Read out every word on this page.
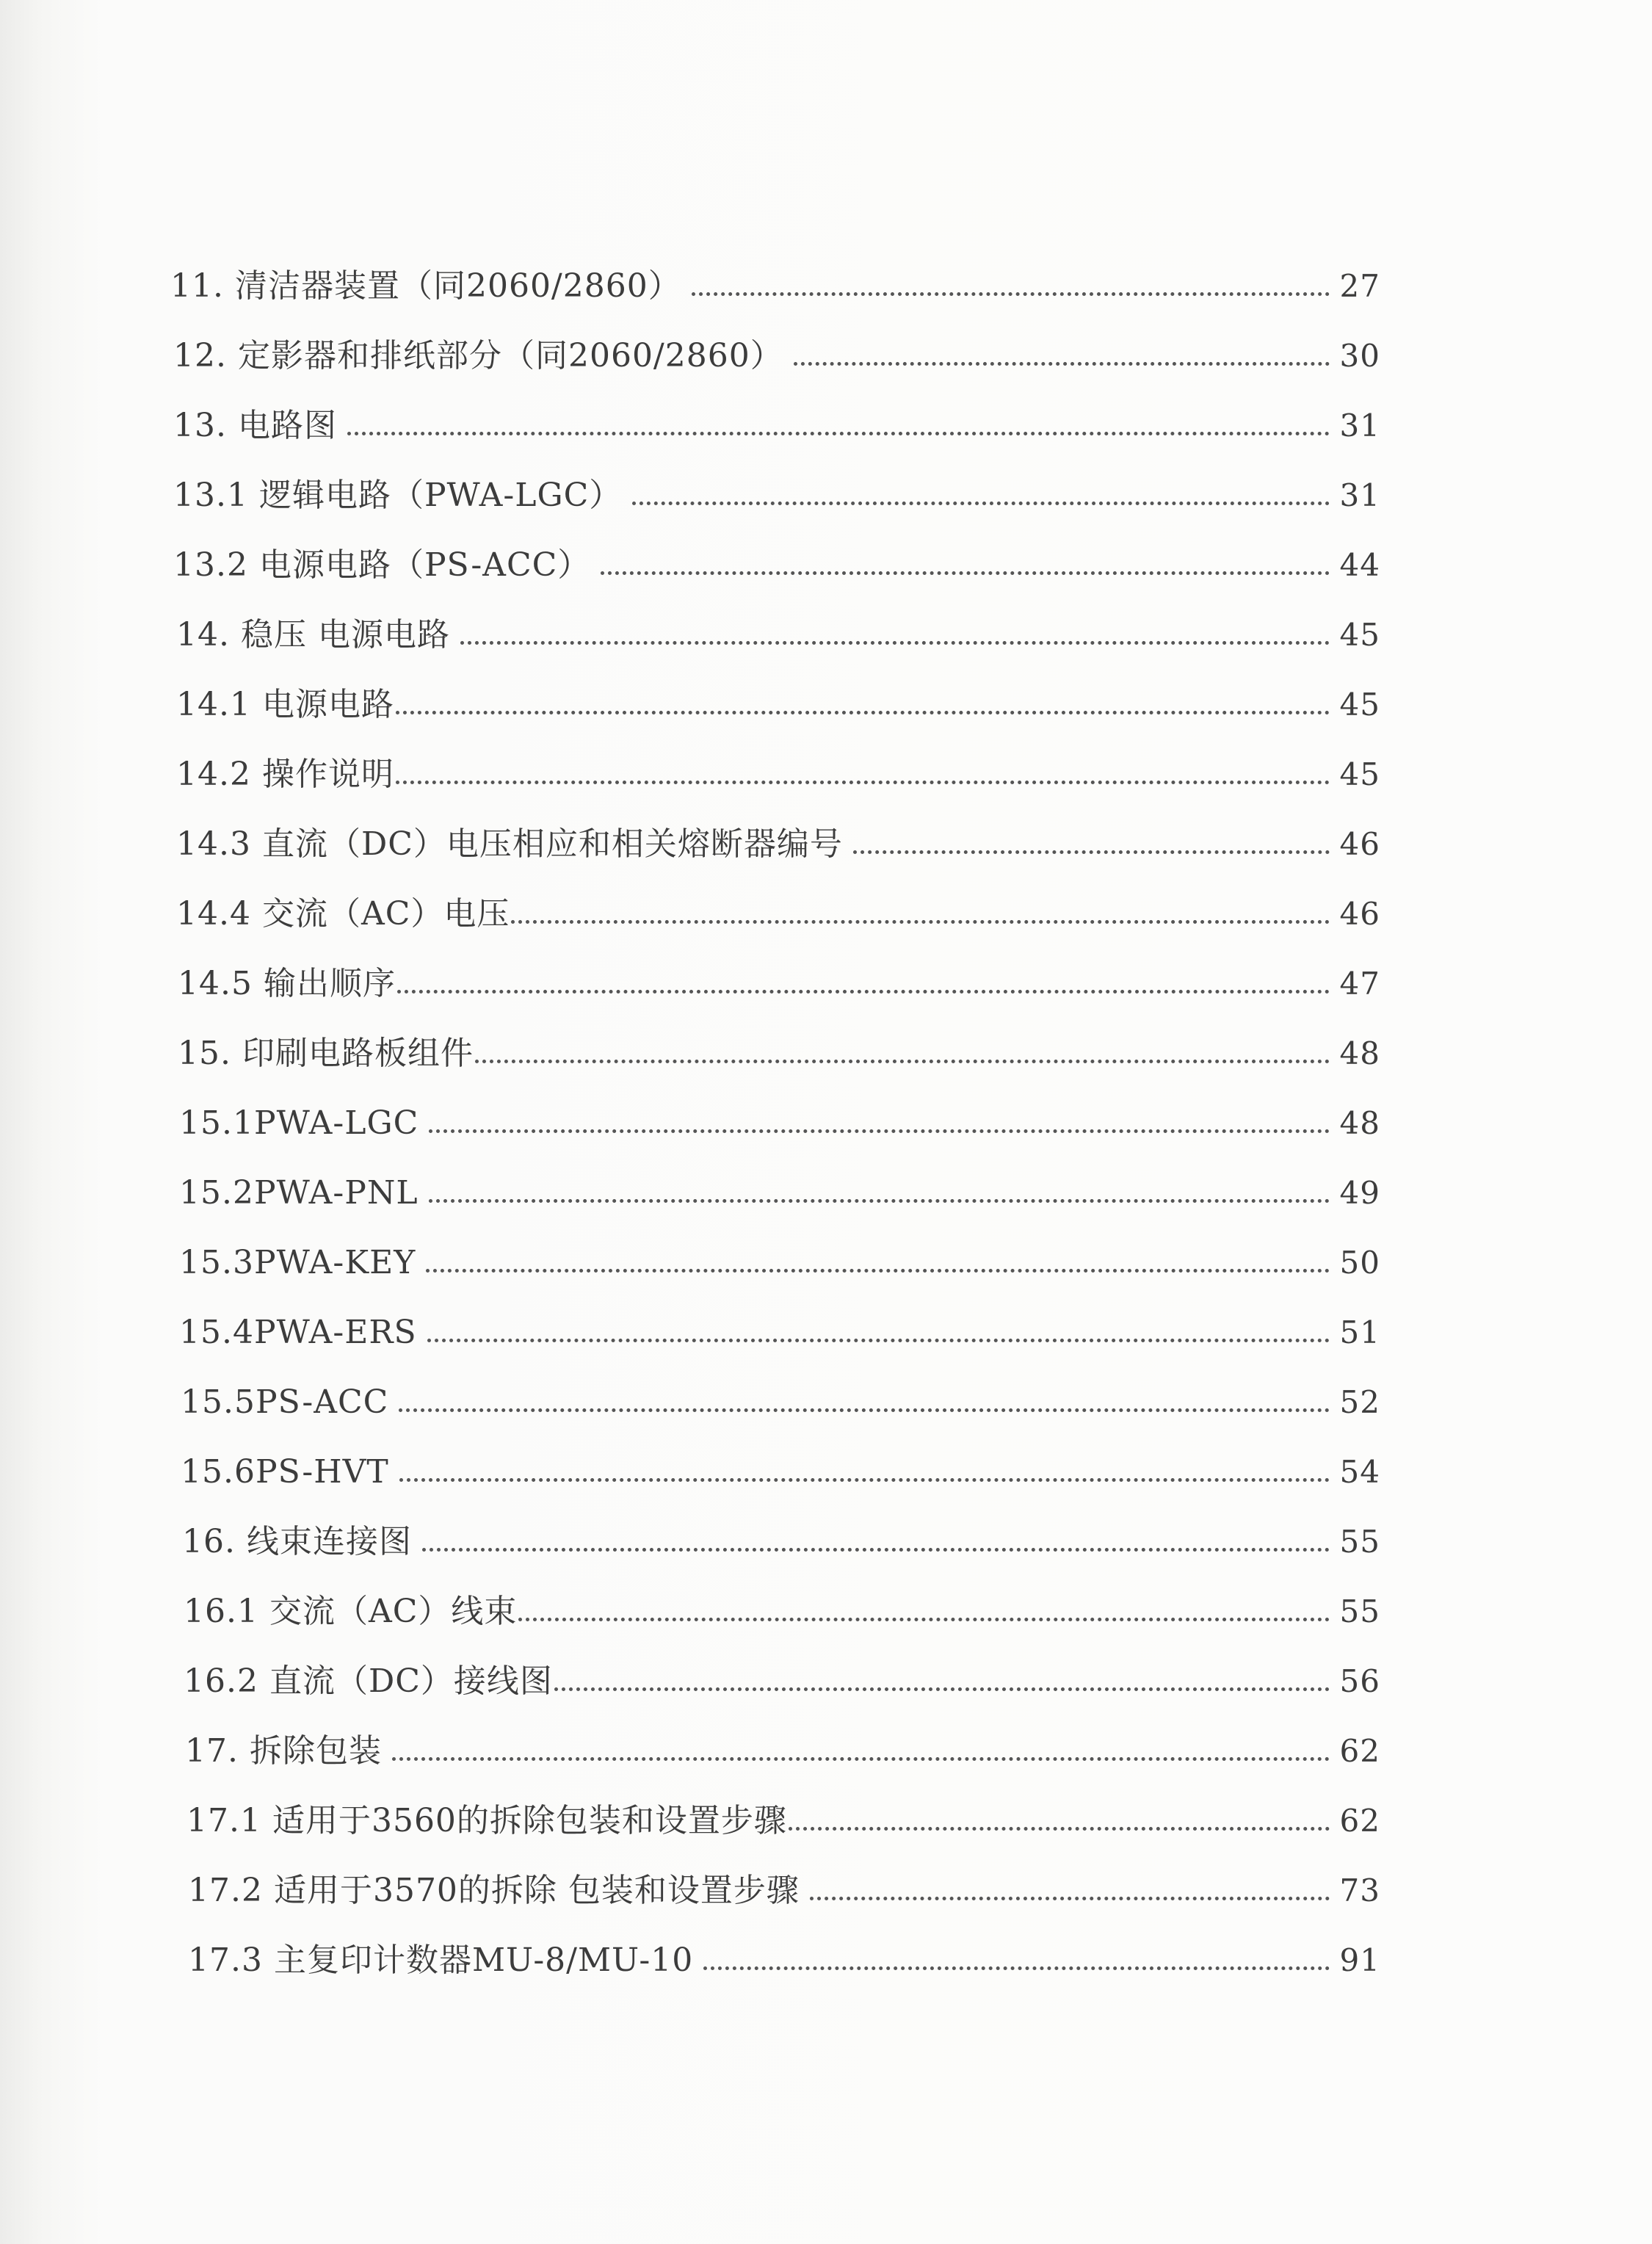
11. 清洁器装置（同2060/2860）	27
12. 定影器和排纸部分（同2060/2860）	30
13. 电路图	31
13.1 逻辑电路（PWA-LGC）	31
13.2 电源电路（PS-ACC）	44
14. 稳压 电源电路	45
14.1 电源电路	45
14.2 操作说明	45
14.3 直流（DC）电压相应和相关熔断器编号	46
14.4 交流（AC）电压	46
14.5 输出顺序	47
15. 印刷电路板组件	48
15.1PWA-LGC	48
15.2PWA-PNL	49
15.3PWA-KEY	50
15.4PWA-ERS	51
15.5PS-ACC	52
15.6PS-HVT	54
16. 线束连接图	55
16.1 交流（AC）线束	55
16.2 直流（DC）接线图	56
17. 拆除包装	62
17.1 适用于3560的拆除包装和设置步骤	62
17.2 适用于3570的拆除 包装和设置步骤	73
17.3 主复印计数器MU-8/MU-10	91
